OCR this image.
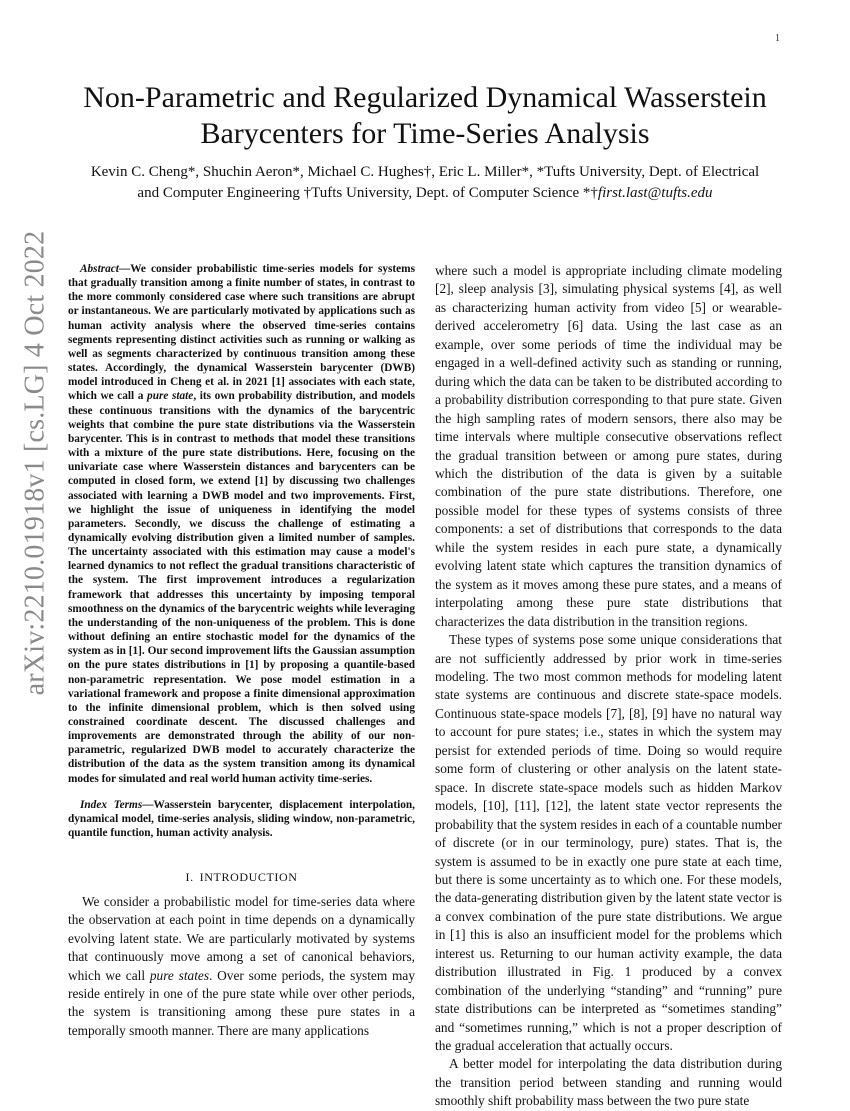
1
arXiv:2210.01918v1 [cs.LG] 4 Oct 2022
Non-Parametric and Regularized Dynamical Wasserstein Barycenters for Time-Series Analysis
Kevin C. Cheng*, Shuchin Aeron*, Michael C. Hughes†, Eric L. Miller*, *Tufts University, Dept. of Electrical
and Computer Engineering †Tufts University, Dept. of Computer Science *†first.last@tufts.edu

Abstract—We consider probabilistic time-series models for systems that gradually transition among a finite number of states, in contrast to the more commonly considered case where such transitions are abrupt or instantaneous. We are particularly motivated by applications such as human activity analysis where the observed time-series contains segments representing distinct activities such as running or walking as well as segments characterized by continuous transition among these states. Accordingly, the dynamical Wasserstein barycenter (DWB) model introduced in Cheng et al. in 2021 [1] associates with each state, which we call a pure state, its own probability distribution, and models these continuous transitions with the dynamics of the barycentric weights that combine the pure state distributions via the Wasserstein barycenter. This is in contrast to methods that model these transitions with a mixture of the pure state distributions. Here, focusing on the univariate case where Wasserstein distances and barycenters can be computed in closed form, we extend [1] by discussing two challenges associated with learning a DWB model and two improvements. First, we highlight the issue of uniqueness in identifying the model parameters. Secondly, we discuss the challenge of estimating a dynamically evolving distribution given a limited number of samples. The uncertainty associated with this estimation may cause a model's learned dynamics to not reflect the gradual transitions characteristic of the system. The first improvement introduces a regularization framework that addresses this uncertainty by imposing temporal smoothness on the dynamics of the barycentric weights while leveraging the understanding of the non-uniqueness of the problem. This is done without defining an entire stochastic model for the dynamics of the system as in [1]. Our second improvement lifts the Gaussian assumption on the pure states distributions in [1] by proposing a quantile-based non-parametric representation. We pose model estimation in a variational framework and propose a finite dimensional approximation to the infinite dimensional problem, which is then solved using constrained coordinate descent. The discussed challenges and improvements are demonstrated through the ability of our non-parametric, regularized DWB model to accurately characterize the distribution of the data as the system transition among its dynamical modes for simulated and real world human activity time-series.

Index Terms—Wasserstein barycenter, displacement interpolation, dynamical model, time-series analysis, sliding window, non-parametric, quantile function, human activity analysis.

I. INTRODUCTION

We consider a probabilistic model for time-series data where the observation at each point in time depends on a dynamically evolving latent state. We are particularly motivated by systems that continuously move among a set of canonical behaviors, which we call pure states. Over some periods, the system may reside entirely in one of the pure state while over other periods, the system is transitioning among these pure states in a temporally smooth manner. There are many applications

where such a model is appropriate including climate modeling [2], sleep analysis [3], simulating physical systems [4], as well as characterizing human activity from video [5] or wearable-derived accelerometry [6] data. Using the last case as an example, over some periods of time the individual may be engaged in a well-defined activity such as standing or running, during which the data can be taken to be distributed according to a probability distribution corresponding to that pure state. Given the high sampling rates of modern sensors, there also may be time intervals where multiple consecutive observations reflect the gradual transition between or among pure states, during which the distribution of the data is given by a suitable combination of the pure state distributions. Therefore, one possible model for these types of systems consists of three components: a set of distributions that corresponds to the data while the system resides in each pure state, a dynamically evolving latent state which captures the transition dynamics of the system as it moves among these pure states, and a means of interpolating among these pure state distributions that characterizes the data distribution in the transition regions.

These types of systems pose some unique considerations that are not sufficiently addressed by prior work in time-series modeling. The two most common methods for modeling latent state systems are continuous and discrete state-space models. Continuous state-space models [7], [8], [9] have no natural way to account for pure states; i.e., states in which the system may persist for extended periods of time. Doing so would require some form of clustering or other analysis on the latent state-space. In discrete state-space models such as hidden Markov models, [10], [11], [12], the latent state vector represents the probability that the system resides in each of a countable number of discrete (or in our terminology, pure) states. That is, the system is assumed to be in exactly one pure state at each time, but there is some uncertainty as to which one. For these models, the data-generating distribution given by the latent state vector is a convex combination of the pure state distributions. We argue in [1] this is also an insufficient model for the problems which interest us. Returning to our human activity example, the data distribution illustrated in Fig. 1 produced by a convex combination of the underlying “standing” and “running” pure state distributions can be interpreted as “sometimes standing” and “sometimes running,” which is not a proper description of the gradual acceleration that actually occurs.

A better model for interpolating the data distribution during the transition period between standing and running would smoothly shift probability mass between the two pure state
